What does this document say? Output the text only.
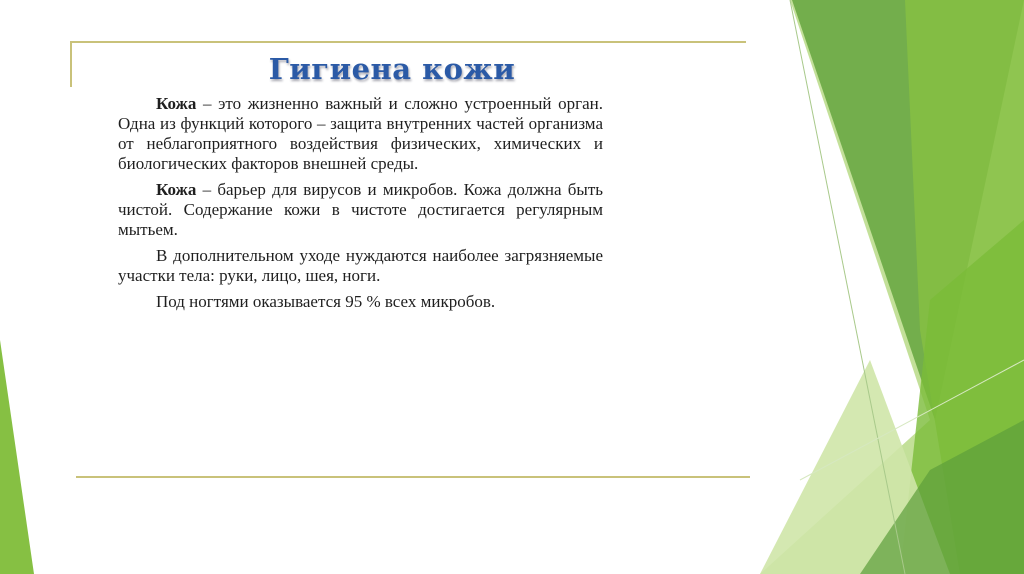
Гигиена кожи

Кожа – это жизненно важный и сложно устроенный орган. Одна из функций которого – защита внутренних частей организма от неблагоприятного воздействия физических, химических и биологических факторов внешней среды.

Кожа – барьер для вирусов и микробов. Кожа должна быть чистой. Содержание кожи в чистоте достигается регулярным мытьем.

В дополнительном уходе нуждаются наиболее загрязняемые участки тела: руки, лицо, шея, ноги.

Под ногтями оказывается 95 % всех микробов.
